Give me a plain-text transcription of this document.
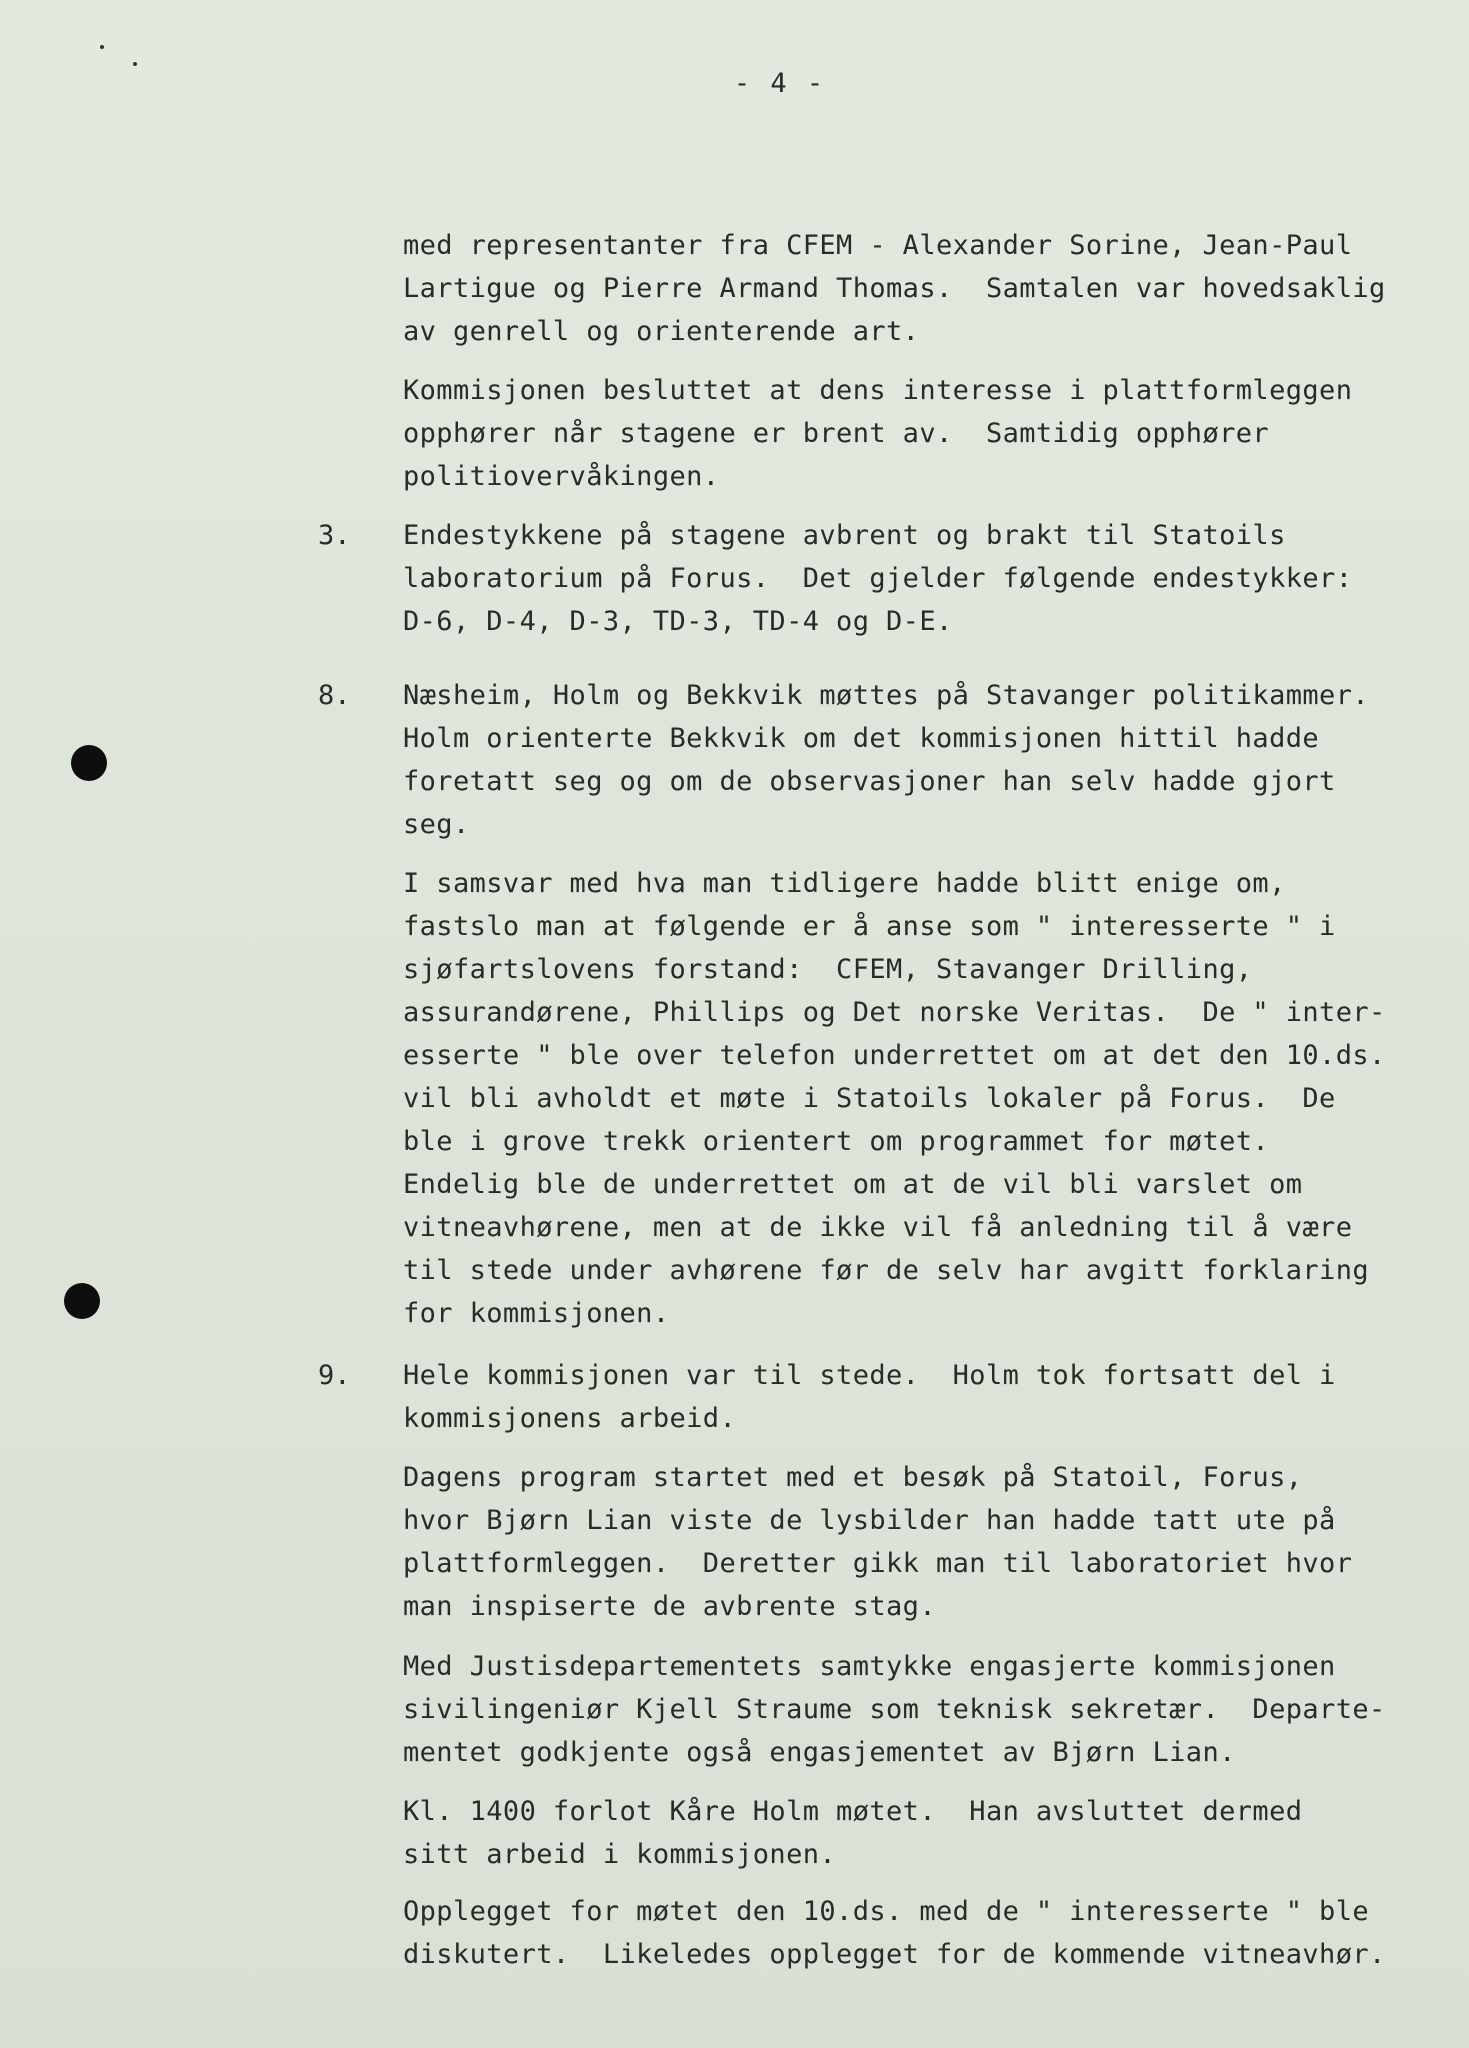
- 4 -
med representanter fra CFEM - Alexander Sorine, Jean-Paul
Lartigue og Pierre Armand Thomas.  Samtalen var hovedsaklig
av genrell og orienterende art.
Kommisjonen besluttet at dens interesse i plattformleggen
opphører når stagene er brent av.  Samtidig opphører
politiovervåkingen.
3. Endestykkene på stagene avbrent og brakt til Statoils
laboratorium på Forus.  Det gjelder følgende endestykker:
D-6, D-4, D-3, TD-3, TD-4 og D-E.
8. Næsheim, Holm og Bekkvik møttes på Stavanger politikammer.
Holm orienterte Bekkvik om det kommisjonen hittil hadde
foretatt seg og om de observasjoner han selv hadde gjort
seg.
I samsvar med hva man tidligere hadde blitt enige om,
fastslo man at følgende er å anse som " interesserte " i
sjøfartslovens forstand:  CFEM, Stavanger Drilling,
assurandørene, Phillips og Det norske Veritas.  De " inter-
esserte " ble over telefon underrettet om at det den 10.ds.
vil bli avholdt et møte i Statoils lokaler på Forus.  De
ble i grove trekk orientert om programmet for møtet.
Endelig ble de underrettet om at de vil bli varslet om
vitneavhørene, men at de ikke vil få anledning til å være
til stede under avhørene før de selv har avgitt forklaring
for kommisjonen.
9. Hele kommisjonen var til stede.  Holm tok fortsatt del i
kommisjonens arbeid.
Dagens program startet med et besøk på Statoil, Forus,
hvor Bjørn Lian viste de lysbilder han hadde tatt ute på
plattformleggen.  Deretter gikk man til laboratoriet hvor
man inspiserte de avbrente stag.
Med Justisdepartementets samtykke engasjerte kommisjonen
sivilingeniør Kjell Straume som teknisk sekretær.  Departe-
mentet godkjente også engasjementet av Bjørn Lian.
Kl. 1400 forlot Kåre Holm møtet.  Han avsluttet dermed
sitt arbeid i kommisjonen.
Opplegget for møtet den 10.ds. med de " interesserte " ble
diskutert.  Likeledes opplegget for de kommende vitneavhør.
